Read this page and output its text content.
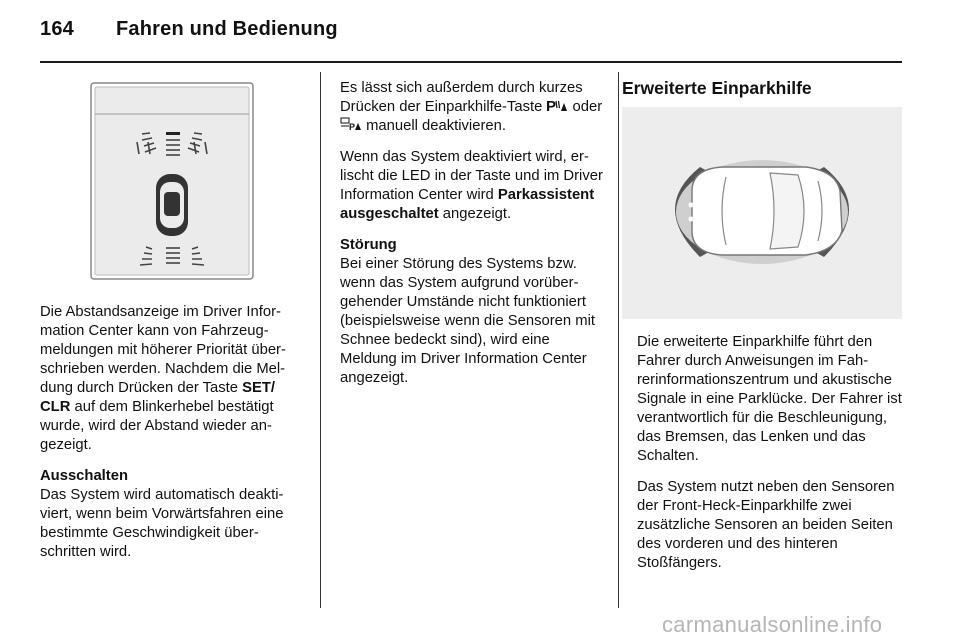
164 Fahren und Bedienung

Die Abstandsanzeige im Driver Information Center kann von Fahrzeugmeldungen mit höherer Priorität überschrieben werden. Nachdem die Meldung durch Drücken der Taste SET/ CLR auf dem Blinkerhebel bestätigt wurde, wird der Abstand wieder angezeigt.

Ausschalten

Das System wird automatisch deaktiviert, wenn beim Vorwärtsfahren eine bestimmte Geschwindigkeit überschritten wird.

Es lässt sich außerdem durch kurzes Drücken der Einparkhilfe-Taste P oder
P manuell deaktivieren.

Wenn das System deaktiviert wird, erlischt die LED in der Taste und im Driver Information Center wird Parkassistent ausgeschaltet angezeigt.

Störung

Bei einer Störung des Systems bzw. wenn das System aufgrund vorübergehender Umstände nicht funktioniert (beispielsweise wenn die Sensoren mit Schnee bedeckt sind), wird eine Meldung im Driver Information Center angezeigt.

Erweiterte Einparkhilfe

Die erweiterte Einparkhilfe führt den Fahrer durch Anweisungen im Fahrerinformationszentrum und akustische Signale in eine Parklücke. Der Fahrer ist verantwortlich für die Beschleunigung, das Bremsen, das Lenken und das Schalten.

Das System nutzt neben den Sensoren der Front-Heck-Einparkhilfe zwei zusätzliche Sensoren an beiden Seiten des vorderen und des hinteren Stoßfängers.

carmanualsonline.info
